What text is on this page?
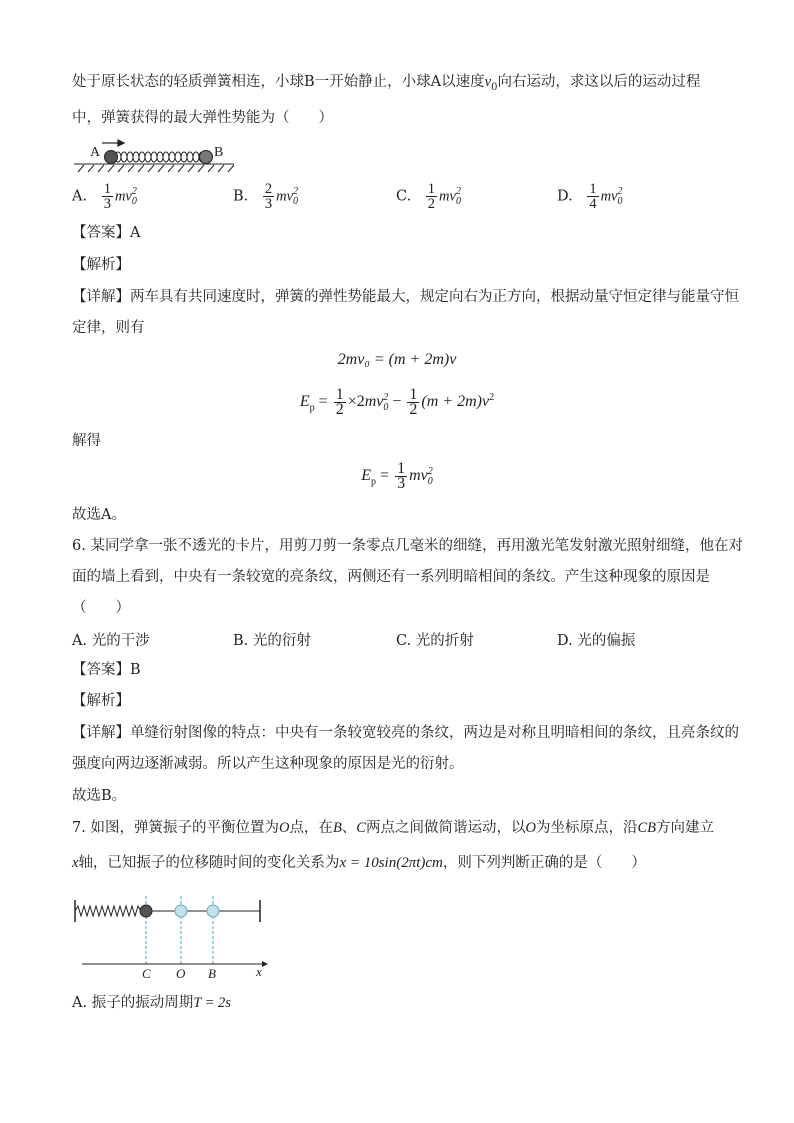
处于原长状态的轻质弹簧相连，小球B一开始静止，小球A以速度$v_0$向右运动，求这以后的运动过程
中，弹簧获得的最大弹性势能为（　　）
A	B
A. $\frac{1}{3}$ mv 2
0	B. $\frac{2}{3}$ mv 2
0	C. $\frac{1}{2}$ mv 2
0	D. $\frac{1}{4}$ mv 2
0
【答案】A
【解析】
【详解】两车具有共同速度时，弹簧的弹性势能最大，规定向右为正方向，根据动量守恒定律与能量守恒
定律，则有
2mv₀ = (m + 2m)v
$E_p = \frac{1}{2} \times 2mv$ 2
$0 - \frac{1}{2} (m + 2m)v^2$
解得
$E_p = \frac{1}{3}$ mv 2
0
故选A。
6. 某同学拿一张不透光的卡片，用剪刀剪一条零点几毫米的细缝，再用激光笔发射激光照射细缝，他在对
面的墙上看到，中央有一条较宽的亮条纹，两侧还有一系列明暗相间的条纹。产生这种现象的原因是
（　　）
A. 光的干涉	B. 光的衍射	C. 光的折射	D. 光的偏振
【答案】B
【解析】
【详解】单缝衍射图像的特点：中央有一条较宽较亮的条纹，两边是对称且明暗相间的条纹，且亮条纹的
强度向两边逐渐减弱。所以产生这种现象的原因是光的衍射。
故选B。
7. 如图，弹簧振子的平衡位置为O点，在B、C两点之间做简谐运动，以O为坐标原点，沿CB方向建立
x轴，已知振子的位移随时间的变化关系为x = 10sin(2πt)cm，则下列判断正确的是（　　）
C O B	x
A. 振子的振动周期T = 2s
